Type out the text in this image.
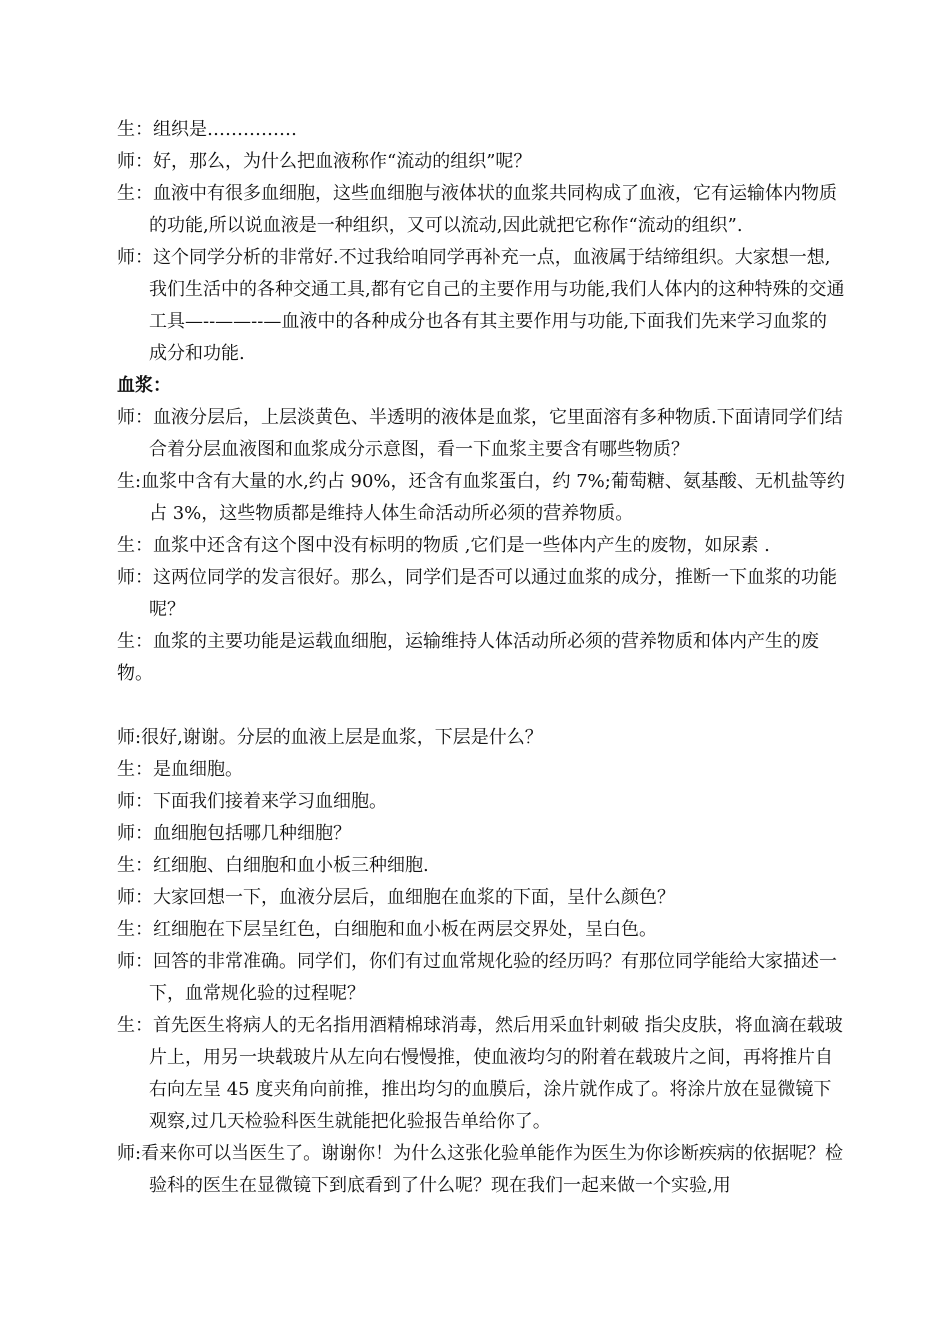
生：组织是……………

师：好，那么，为什么把血液称作“流动的组织”呢？

生：血液中有很多血细胞，这些血细胞与液体状的血浆共同构成了血液，它有运输体内物质的功能,所以说血液是一种组织，又可以流动,因此就把它称作“流动的组织”.

师：这个同学分析的非常好.不过我给咱同学再补充一点，血液属于结缔组织。大家想一想,我们生活中的各种交通工具,都有它自己的主要作用与功能,我们人体内的这种特殊的交通工具—--——--—血液中的各种成分也各有其主要作用与功能,下面我们先来学习血浆的成分和功能.

血浆：

师：血液分层后，上层淡黄色、半透明的液体是血浆，它里面溶有多种物质.下面请同学们结合着分层血液图和血浆成分示意图，看一下血浆主要含有哪些物质？

生:血浆中含有大量的水,约占 90%，还含有血浆蛋白，约 7%;葡萄糖、氨基酸、无机盐等约占 3%，这些物质都是维持人体生命活动所必须的营养物质。

生：血浆中还含有这个图中没有标明的物质 ,它们是一些体内产生的废物，如尿素 .

师：这两位同学的发言很好。那么，同学们是否可以通过血浆的成分，推断一下血浆的功能呢？

生：血浆的主要功能是运载血细胞，运输维持人体活动所必须的营养物质和体内产生的废物。

师:很好,谢谢。分层的血液上层是血浆，下层是什么？

生：是血细胞。

师：下面我们接着来学习血细胞。

师：血细胞包括哪几种细胞？

生：红细胞、白细胞和血小板三种细胞.

师：大家回想一下，血液分层后，血细胞在血浆的下面，呈什么颜色？

生：红细胞在下层呈红色，白细胞和血小板在两层交界处，呈白色。

师：回答的非常准确。同学们，你们有过血常规化验的经历吗？有那位同学能给大家描述一下，血常规化验的过程呢？

生：首先医生将病人的无名指用酒精棉球消毒，然后用采血针刺破 指尖皮肤，将血滴在载玻片上，用另一块载玻片从左向右慢慢推，使血液均匀的附着在载玻片之间，再将推片自右向左呈 45 度夹角向前推，推出均匀的血膜后，涂片就作成了。将涂片放在显微镜下观察,过几天检验科医生就能把化验报告单给你了。

师:看来你可以当医生了。谢谢你！为什么这张化验单能作为医生为你诊断疾病的依据呢？检验科的医生在显微镜下到底看到了什么呢？现在我们一起来做一个实验,用
